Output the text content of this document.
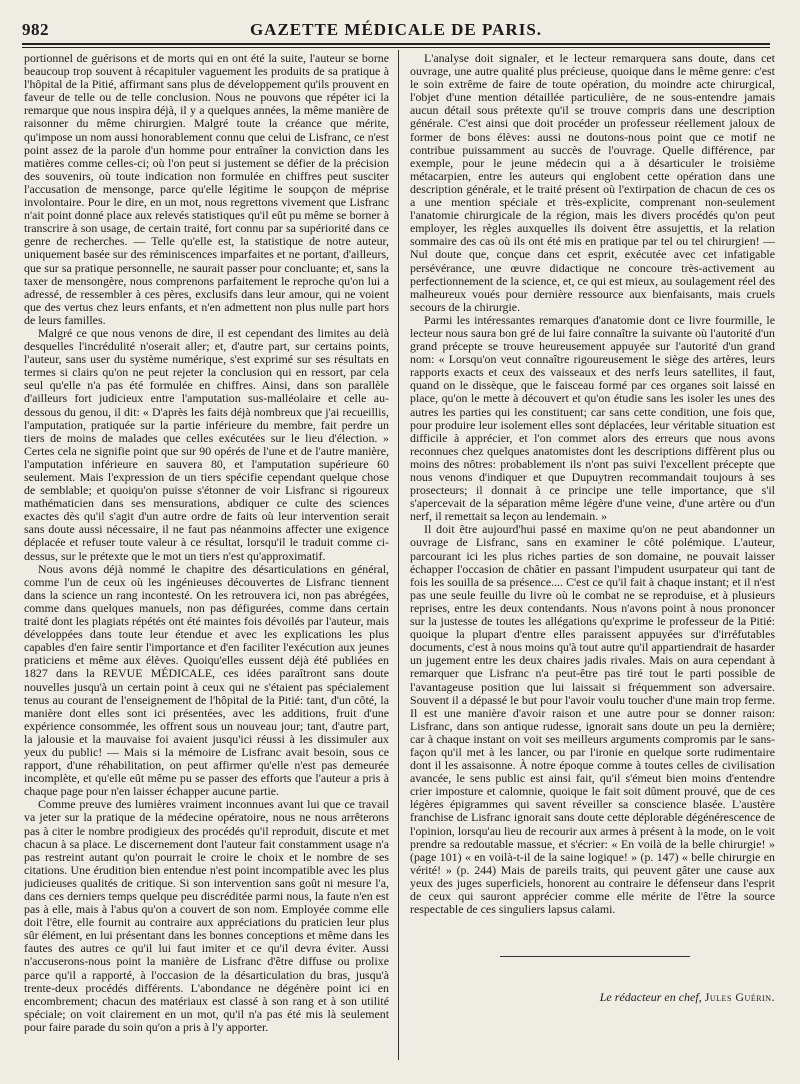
982	GAZETTE MÉDICALE DE PARIS.

portionnel de guérisons et de morts qui en ont été la suite, l'auteur se borne beaucoup trop souvent à récapituler vaguement les produits de sa pratique à l'hôpital de la Pitié, affirmant sans plus de développement qu'ils prouvent en faveur de telle ou de telle conclusion. Nous ne pouvons que répéter ici la remarque que nous inspira déjà, il y a quelques années, la même manière de raisonner du même chirurgien. Malgré toute la créance que mérite, qu'impose un nom aussi honorablement connu que celui de Lisfranc, ce n'est point assez de la parole d'un homme pour entraîner la conviction dans les matières comme celles-ci; où l'on peut si justement se défier de la précision des souvenirs, où toute indication non formulée en chiffres peut susciter l'accusation de mensonge, parce qu'elle légitime le soupçon de méprise involontaire. Pour le dire, en un mot, nous regrettons vivement que Lisfranc n'ait point donné place aux relevés statistiques qu'il eût pu même se borner à transcrire à son usage, de certain traité, fort connu par sa supériorité dans ce genre de recherches. — Telle qu'elle est, la statistique de notre auteur, uniquement basée sur des réminiscences imparfaites et ne portant, d'ailleurs, que sur sa pratique personnelle, ne saurait passer pour concluante; et, sans la taxer de mensongère, nous comprenons parfaitement le reproche qu'on lui a adressé, de ressembler à ces pères, exclusifs dans leur amour, qui ne voient que des vertus chez leurs enfants, et n'en admettent non plus nulle part hors de leurs familles.

Malgré ce que nous venons de dire, il est cependant des limites au delà desquelles l'incrédulité n'oserait aller; et, d'autre part, sur certains points, l'auteur, sans user du système numérique, s'est exprimé sur ses résultats en termes si clairs qu'on ne peut rejeter la conclusion qui en ressort, par cela seul qu'elle n'a pas été formulée en chiffres. Ainsi, dans son parallèle d'ailleurs fort judicieux entre l'amputation sus-malléolaire et celle au-dessous du genou, il dit: « D'après les faits déjà nombreux que j'ai recueillis, l'amputation, pratiquée sur la partie inférieure du membre, fait perdre un tiers de moins de malades que celles exécutées sur le lieu d'élection. » Certes cela ne signifie point que sur 90 opérés de l'une et de l'autre manière, l'amputation inférieure en sauvera 80, et l'amputation supérieure 60 seulement. Mais l'expression de un tiers spécifie cependant quelque chose de semblable; et quoiqu'on puisse s'étonner de voir Lisfranc si rigoureux mathématicien dans ses mensurations, abdiquer ce culte des sciences exactes dès qu'il s'agit d'un autre ordre de faits où leur intervention serait sans doute aussi nécessaire, il ne faut pas néanmoins affecter une exigence déplacée et refuser toute valeur à ce résultat, lorsqu'il le traduit comme ci-dessus, sur le prétexte que le mot un tiers n'est qu'approximatif.

Nous avons déjà nommé le chapitre des désarticulations en général, comme l'un de ceux où les ingénieuses découvertes de Lisfranc tiennent dans la science un rang incontesté. On les retrouvera ici, non pas abrégées, comme dans quelques manuels, non pas défigurées, comme dans certain traité dont les plagiats répétés ont été maintes fois dévoilés par l'auteur, mais développées dans toute leur étendue et avec les explications les plus capables d'en faire sentir l'importance et d'en faciliter l'exécution aux jeunes praticiens et même aux élèves. Quoiqu'elles eussent déjà été publiées en 1827 dans la REVUE MÉDICALE, ces idées paraîtront sans doute nouvelles jusqu'à un certain point à ceux qui ne s'étaient pas spécialement tenus au courant de l'enseignement de l'hôpital de la Pitié: tant, d'un côté, la manière dont elles sont ici présentées, avec les additions, fruit d'une expérience consommée, les offrent sous un nouveau jour; tant, d'autre part, la jalousie et la mauvaise foi avaient jusqu'ici réussi à les dissimuler aux yeux du public! — Mais si la mémoire de Lisfranc avait besoin, sous ce rapport, d'une réhabilitation, on peut affirmer qu'elle n'est pas demeurée incomplète, et qu'elle eût même pu se passer des efforts que l'auteur a pris à chaque page pour n'en laisser échapper aucune partie.

Comme preuve des lumières vraiment inconnues avant lui que ce travail va jeter sur la pratique de la médecine opératoire, nous ne nous arrêterons pas à citer le nombre prodigieux des procédés qu'il reproduit, discute et met chacun à sa place. Le discernement dont l'auteur fait constamment usage n'a pas restreint autant qu'on pourrait le croire le choix et le nombre de ses citations. Une érudition bien entendue n'est point incompatible avec les plus judicieuses qualités de critique. Si son intervention sans goût ni mesure l'a, dans ces derniers temps quelque peu discréditée parmi nous, la faute n'en est pas à elle, mais à l'abus qu'on a couvert de son nom. Employée comme elle doit l'être, elle fournit au contraire aux appréciations du praticien leur plus sûr élément, en lui présentant dans les bonnes conceptions et même dans les fautes des autres ce qu'il lui faut imiter et ce qu'il devra éviter. Aussi n'accuserons-nous point la manière de Lisfranc d'être diffuse ou prolixe parce qu'il a rapporté, à l'occasion de la désarticulation du bras, jusqu'à trente-deux procédés différents. L'abondance ne dégénère point ici en encombrement; chacun des matériaux est classé à son rang et à son utilité spéciale; on voit clairement en un mot, qu'il n'a pas été mis là seulement pour faire parade du soin qu'on a pris à l'y apporter.

L'analyse doit signaler, et le lecteur remarquera sans doute, dans cet ouvrage, une autre qualité plus précieuse, quoique dans le même genre: c'est le soin extrême de faire de toute opération, du moindre acte chirurgical, l'objet d'une mention détaillée particulière, de ne sous-entendre jamais aucun détail sous prétexte qu'il se trouve compris dans une description générale. C'est ainsi que doit procéder un professeur réellement jaloux de former de bons élèves: aussi ne doutons-nous point que ce motif ne contribue puissamment au succès de l'ouvrage. Quelle différence, par exemple, pour le jeune médecin qui a à désarticuler le troisième métacarpien, entre les auteurs qui englobent cette opération dans une description générale, et le traité présent où l'extirpation de chacun de ces os a une mention spéciale et très-explicite, comprenant non-seulement l'anatomie chirurgicale de la région, mais les divers procédés qu'on peut employer, les règles auxquelles ils doivent être assujettis, et la relation sommaire des cas où ils ont été mis en pratique par tel ou tel chirurgien! — Nul doute que, conçue dans cet esprit, exécutée avec cet infatigable persévérance, une œuvre didactique ne concoure très-activement au perfectionnement de la science, et, ce qui est mieux, au soulagement réel des malheureux voués pour dernière ressource aux bienfaisants, mais cruels secours de la chirurgie.

Parmi les intéressantes remarques d'anatomie dont ce livre fourmille, le lecteur nous saura bon gré de lui faire connaître la suivante où l'autorité d'un grand précepte se trouve heureusement appuyée sur l'autorité d'un grand nom: « Lorsqu'on veut connaître rigoureusement le siège des artères, leurs rapports exacts et ceux des vaisseaux et des nerfs leurs satellites, il faut, quand on le dissèque, que le faisceau formé par ces organes soit laissé en place, qu'on le mette à découvert et qu'on étudie sans les isoler les unes des autres les parties qui les constituent; car sans cette condition, une fois que, pour produire leur isolement elles sont déplacées, leur véritable situation est difficile à apprécier, et l'on commet alors des erreurs que nous avons reconnues chez quelques anatomistes dont les descriptions diffèrent plus ou moins des nôtres: probablement ils n'ont pas suivi l'excellent précepte que nous venons d'indiquer et que Dupuytren recommandait toujours à ses prosecteurs; il donnait à ce principe une telle importance, que s'il s'apercevait de la séparation même légère d'une veine, d'une artère ou d'un nerf, il remettait sa leçon au lendemain. »

Il doit être aujourd'hui passé en maxime qu'on ne peut abandonner un ouvrage de Lisfranc, sans en examiner le côté polémique. L'auteur, parcourant ici les plus riches parties de son domaine, ne pouvait laisser échapper l'occasion de châtier en passant l'impudent usurpateur qui tant de fois les souilla de sa présence.... C'est ce qu'il fait à chaque instant; et il n'est pas une seule feuille du livre où le combat ne se reproduise, et à plusieurs reprises, entre les deux contendants. Nous n'avons point à nous prononcer sur la justesse de toutes les allégations qu'exprime le professeur de la Pitié: quoique la plupart d'entre elles paraissent appuyées sur d'irréfutables documents, c'est à nous moins qu'à tout autre qu'il appartiendrait de hasarder un jugement entre les deux chaires jadis rivales. Mais on aura cependant à remarquer que Lisfranc n'a peut-être pas tiré tout le parti possible de l'avantageuse position que lui laissait si fréquemment son adversaire. Souvent il a dépassé le but pour l'avoir voulu toucher d'une main trop ferme. Il est une manière d'avoir raison et une autre pour se donner raison: Lisfranc, dans son antique rudesse, ignorait sans doute un peu la dernière; car à chaque instant on voit ses meilleurs arguments compromis par le sans-façon qu'il met à les lancer, ou par l'ironie en quelque sorte rudimentaire dont il les assaisonne. À notre époque comme à toutes celles de civilisation avancée, le sens public est ainsi fait, qu'il s'émeut bien moins d'entendre crier imposture et calomnie, quoique le fait soit dûment prouvé, que de ces légères épigrammes qui savent réveiller sa conscience blasée. L'austère franchise de Lisfranc ignorait sans doute cette déplorable dégénérescence de l'opinion, lorsqu'au lieu de recourir aux armes à présent à la mode, on le voit prendre sa redoutable massue, et s'écrier: « En voilà de la belle chirurgie! » (page 101) « en voilà-t-il de la saine logique! » (p. 147) « belle chirurgie en vérité! » (p. 244) Mais de pareils traits, qui peuvent gâter une cause aux yeux des juges superficiels, honorent au contraire le défenseur dans l'esprit de ceux qui sauront apprécier comme elle mérite de l'être la source respectable de ces singuliers lapsus calami.

Le rédacteur en chef, Jules Guérin.
